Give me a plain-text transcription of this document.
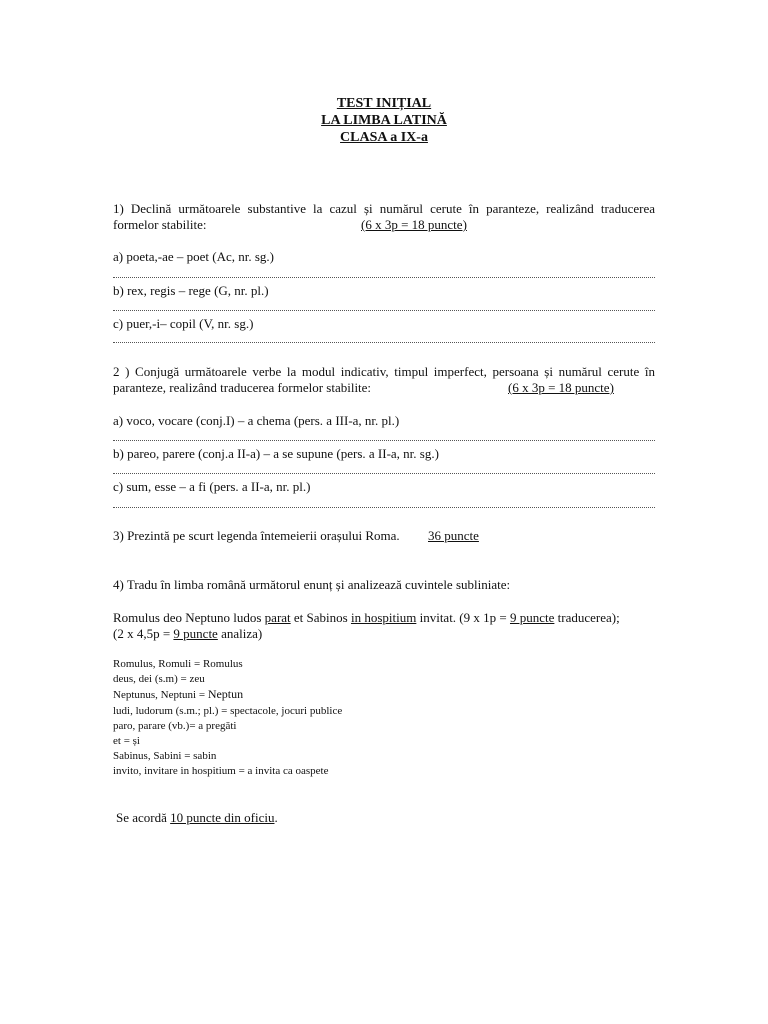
TEST INIȚIAL
LA LIMBA LATINĂ
CLASA a IX-a
1) Declină următoarele substantive la cazul și numărul cerute în paranteze, realizând traducerea
formelor stabilite:	(6 x 3p = 18 puncte)
a) poeta,-ae – poet (Ac, nr. sg.)
b) rex, regis – rege (G, nr. pl.)
c) puer,-i– copil (V, nr. sg.)
2 ) Conjugă următoarele verbe la modul indicativ, timpul imperfect, persoana și numărul cerute în
paranteze, realizând traducerea formelor stabilite:	(6 x 3p = 18 puncte)
a) voco, vocare (conj.I) – a chema (pers. a III-a, nr. pl.)
b) pareo, parere (conj.a II-a) – a se supune (pers. a II-a, nr. sg.)
c) sum, esse – a fi (pers. a II-a, nr. pl.)
3) Prezintă pe scurt legenda întemeierii orașului Roma. 36 puncte
4) Tradu în limba română următorul enunț și analizează cuvintele subliniate:
Romulus deo Neptuno ludos parat et Sabinos in hospitium invitat. (9 x 1p = 9 puncte traducerea);
(2 x 4,5p = 9 puncte analiza)
Romulus, Romuli = Romulus
deus, dei (s.m) = zeu
Neptunus, Neptuni = Neptun
ludi, ludorum (s.m.; pl.) = spectacole, jocuri publice
paro, parare (vb.)= a pregăti
et = și
Sabinus, Sabini = sabin
invito, invitare in hospitium = a invita ca oaspete
Se acordă 10 puncte din oficiu.
